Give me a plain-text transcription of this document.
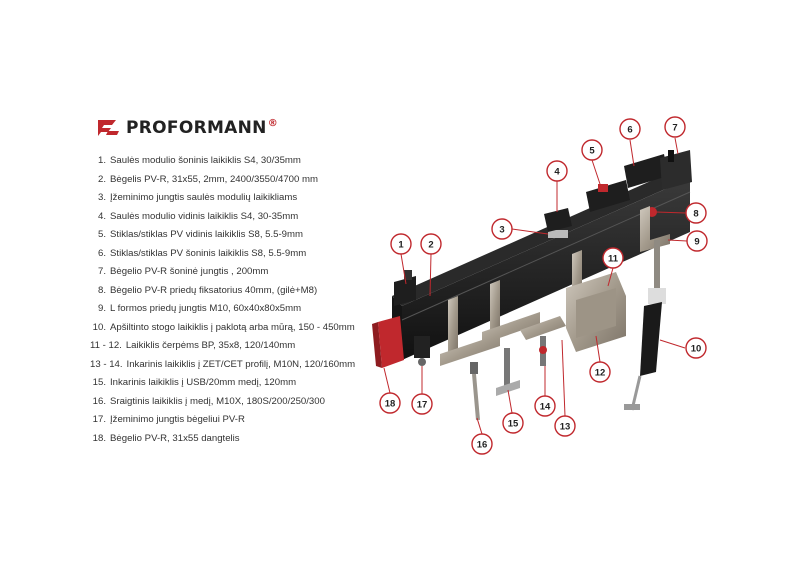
PROFORMANN®
1. Saulės modulio šoninis laikiklis S4, 30/35mm
2. Bėgelis PV-R, 31x55, 2mm, 2400/3550/4700 mm
3. Įžeminimo jungtis saulės modulių laikikliams
4. Saulės modulio vidinis laikiklis S4, 30-35mm
5. Stiklas/stiklas PV vidinis laikiklis S8, 5.5-9mm
6. Stiklas/stiklas PV šoninis laikiklis S8, 5.5-9mm
7. Bėgelio PV-R šoninė jungtis , 200mm
8. Bėgelio PV-R priedų fiksatorius 40mm, (gilė+M8)
9. L formos priedų jungtis M10, 60x40x80x5mm
10. Apšiltinto stogo laikiklis į paklotą arba mūrą, 150 - 450mm
11 - 12. Laikiklis čerpėms BP, 35x8, 120/140mm
13 - 14. Inkarinis laikiklis į ZET/CET profilį, M10N, 120/160mm
15. Inkarinis laikiklis į USB/20mm medį, 120mm
16. Sraigtinis laikiklis į medį, M10X, 180S/200/250/300
17. Įžeminimo jungtis bėgeliui PV-R
18. Bėgelio PV-R, 31x55 dangtelis
1	2
3
4
5
6	7
8
9
10
11
12
13
14
15
16
17
18
